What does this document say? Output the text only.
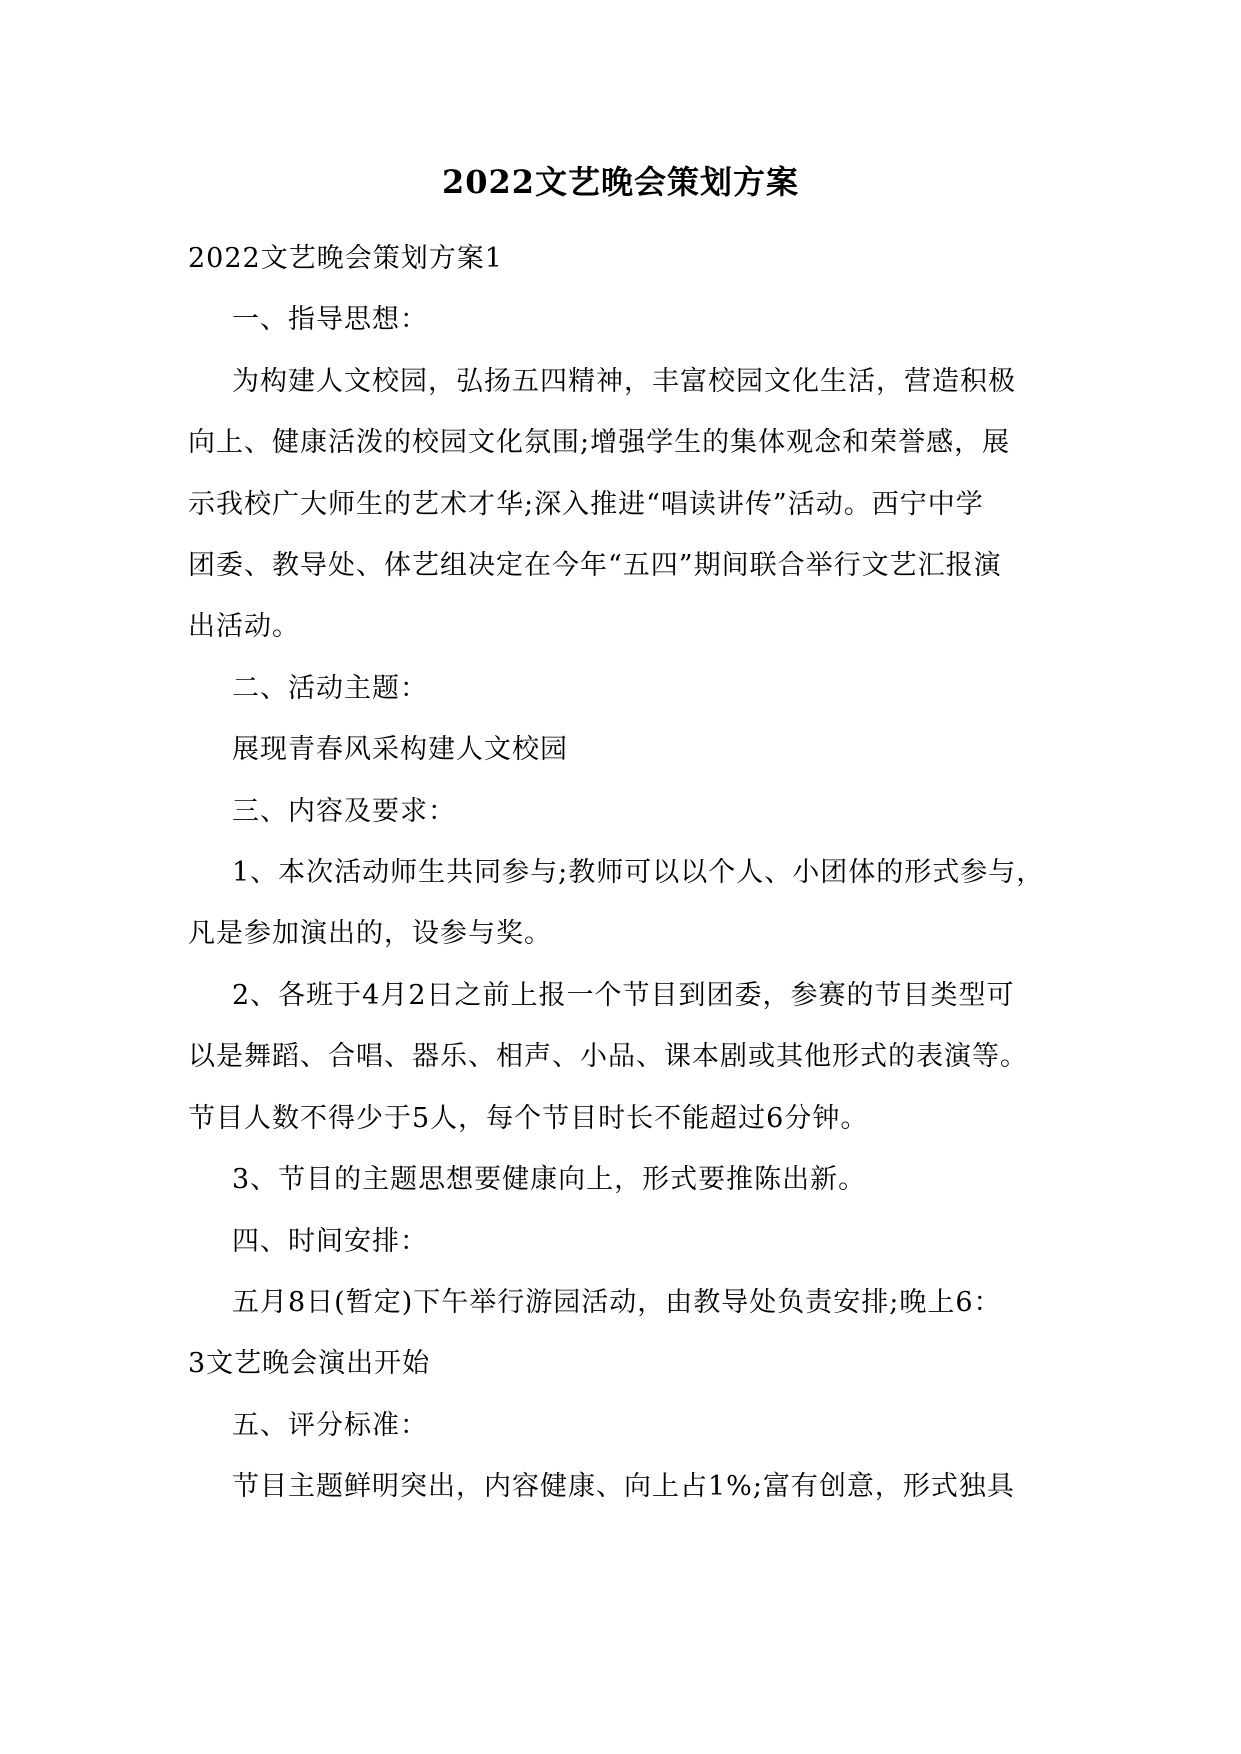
2022文艺晚会策划方案

2022文艺晚会策划方案1

一、指导思想：

为构建人文校园，弘扬五四精神，丰富校园文化生活，营造积极

向上、健康活泼的校园文化氛围;增强学生的集体观念和荣誉感，展

示我校广大师生的艺术才华;深入推进“唱读讲传”活动。西宁中学

团委、教导处、体艺组决定在今年“五四”期间联合举行文艺汇报演

出活动。

二、活动主题：

展现青春风采构建人文校园

三、内容及要求：

1、本次活动师生共同参与;教师可以以个人、小团体的形式参与，

凡是参加演出的，设参与奖。

2、各班于4月2日之前上报一个节目到团委，参赛的节目类型可

以是舞蹈、合唱、器乐、相声、小品、课本剧或其他形式的表演等。

节目人数不得少于5人，每个节目时长不能超过6分钟。

3、节目的主题思想要健康向上，形式要推陈出新。

四、时间安排：

五月8日(暂定)下午举行游园活动，由教导处负责安排;晚上6：

3文艺晚会演出开始

五、评分标准：

节目主题鲜明突出，内容健康、向上占1%;富有创意，形式独具
